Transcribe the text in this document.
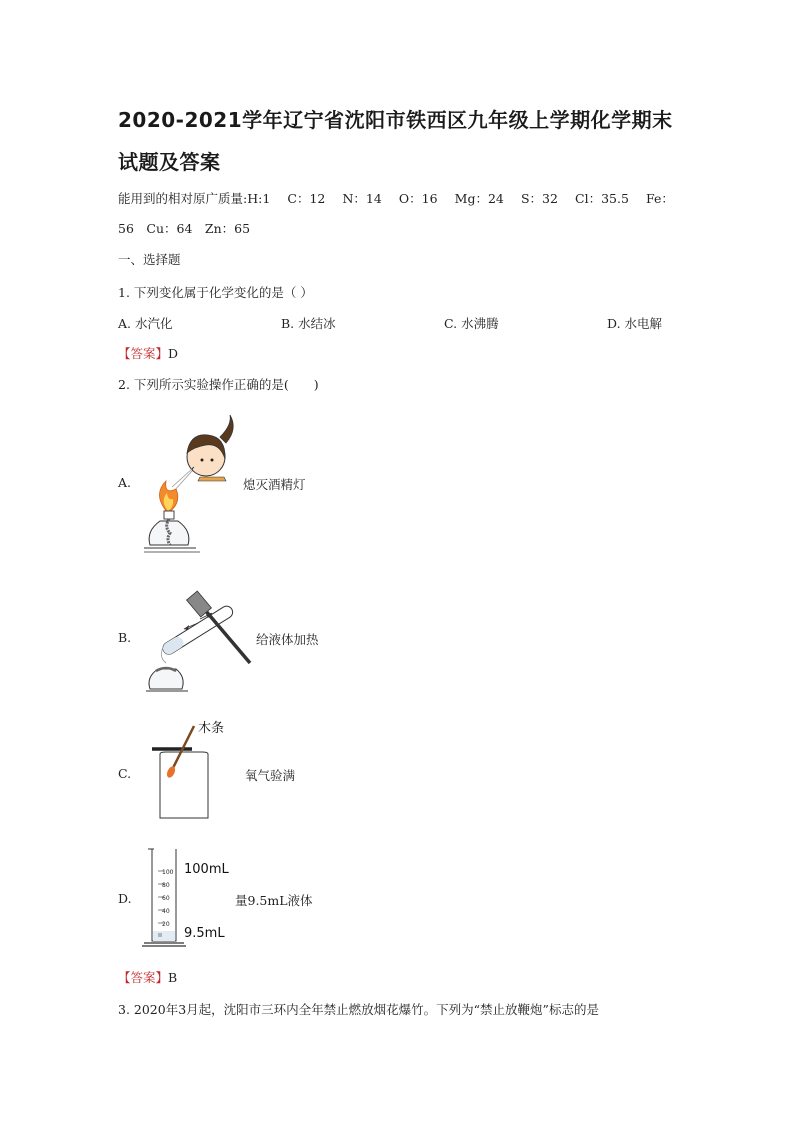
2020-2021学年辽宁省沈阳市铁西区九年级上学期化学期末
试题及答案
能用到的相对原广质量:H:1 C：12 N：14 O：16 Mg：24 S：32 Cl：35.5 Fe：
56　Cu：64　Zn：65
一、选择题
1. 下列变化属于化学变化的是（ ）
A. 水汽化	B. 水结冰	C. 水沸腾	D. 水电解
【答案】D
2. 下列所示实验操作正确的是(　　)
A.	熄灭酒精灯
B.	给液体加热
C.
木条
氧气验满
D.
100
80
60
40
20
100mL
9.5mL
量9.5mL液体
【答案】B
3. 2020年3月起，沈阳市三环内全年禁止燃放烟花爆竹。下列为“禁止放鞭炮”标志的是
